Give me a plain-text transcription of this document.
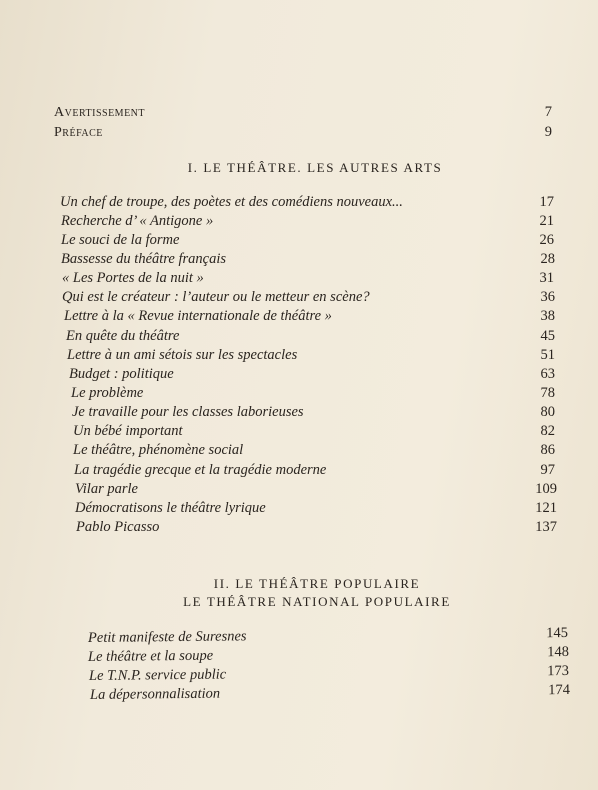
Avertissement	7
Préface	9
I. LE THÉÂTRE. LES AUTRES ARTS
Un chef de troupe, des poètes et des comédiens nouveaux...	17
Recherche d’ « Antigone »	21
Le souci de la forme	26
Bassesse du théâtre français	28
« Les Portes de la nuit »	31
Qui est le créateur : l’auteur ou le metteur en scène?	36
Lettre à la « Revue internationale de théâtre »	38
En quête du théâtre	45
Lettre à un ami sétois sur les spectacles	51
Budget : politique	63
Le problème	78
Je travaille pour les classes laborieuses	80
Un bébé important	82
Le théâtre, phénomène social	86
La tragédie grecque et la tragédie moderne	97
Vilar parle	109
Démocratisons le théâtre lyrique	121
Pablo Picasso	137
II. LE THÉÂTRE POPULAIRE
LE THÉÂTRE NATIONAL POPULAIRE
Petit manifeste de Suresnes	145
Le théâtre et la soupe	148
Le T.N.P. service public	173
La dépersonnalisation	174
